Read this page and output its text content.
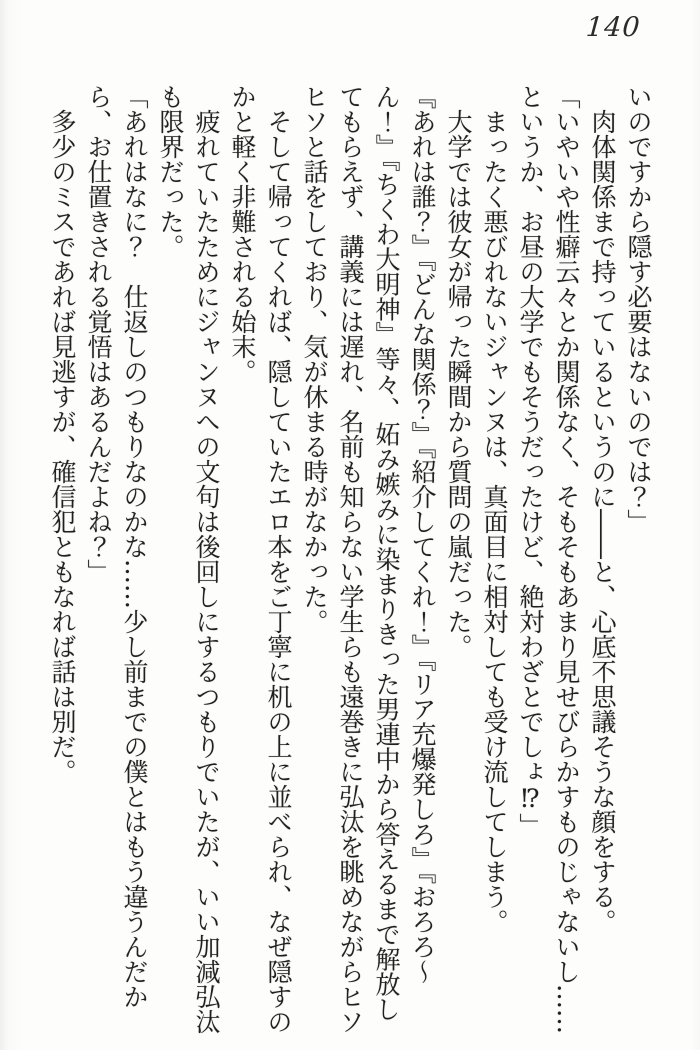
140

いのですから隠す必要はないのでは？」

肉体関係まで持っているというのに――と、心底不思議そうな顔をする。

「いやいや性癖云々とか関係なく、そもそもあまり見せびらかすものじゃないし……というか、お昼の大学でもそうだったけど、絶対わざとでしょ⁉」

まったく悪びれないジャンヌは、真面目に相対しても受け流してしまう。

大学では彼女が帰った瞬間から質問の嵐だった。

『あれは誰？』『どんな関係？』『紹介してくれ！』『リア充爆発しろ』『おろろ〜ん！』『ちくわ大明神』等々、妬み嫉みに染まりきった男連中から答えるまで解放してもらえず、講義には遅れ、名前も知らない学生らも遠巻きに弘汰を眺めながらヒソヒソと話をしており、気が休まる時がなかった。

そして帰ってくれば、隠していたエロ本をご丁寧に机の上に並べられ、なぜ隠すのかと軽く非難される始末。

疲れていたためにジャンヌへの文句は後回しにするつもりでいたが、いい加減弘汰も限界だった。

「あれはなに？　仕返しのつもりなのかな……少し前までの僕とはもう違うんだから、お仕置きされる覚悟はあるんだよね？」

多少のミスであれば見逃すが、確信犯ともなれば話は別だ。
